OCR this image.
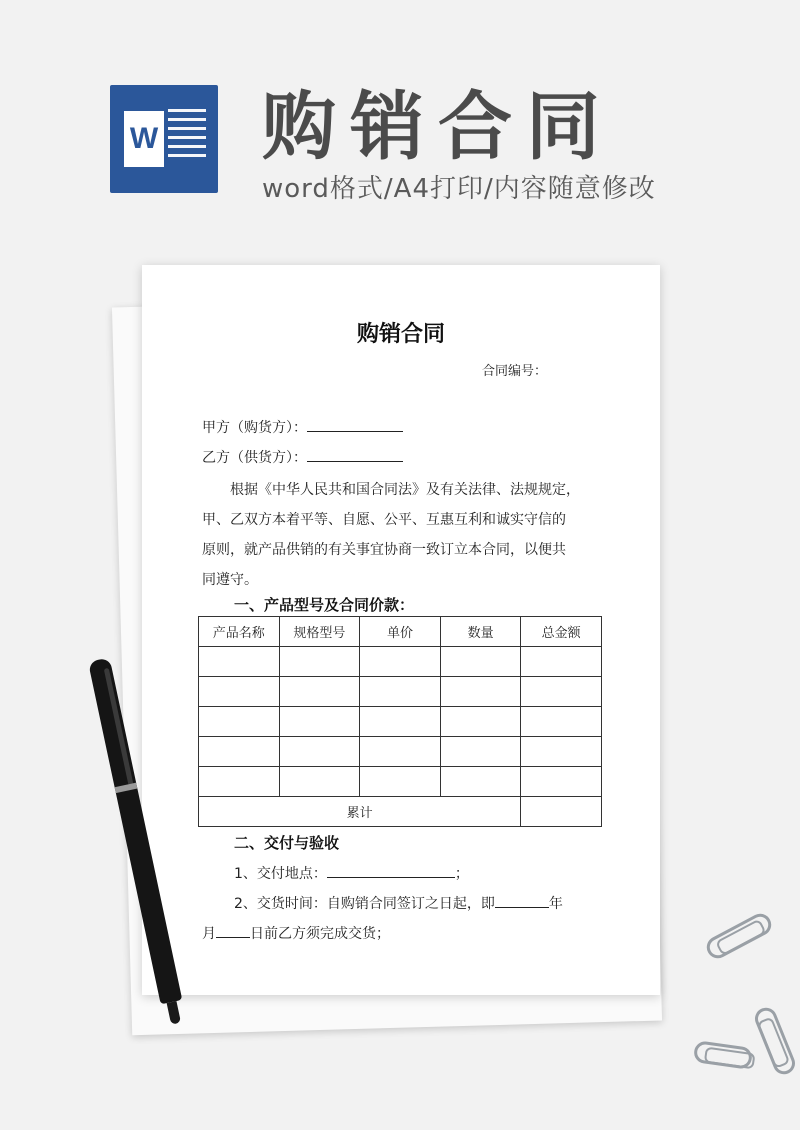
W 购销合同
word格式/A4打印/内容随意修改
购销合同
合同编号：
甲方（购货方）：
乙方（供货方）：

根据《中华人民共和国合同法》及有关法律、法规规定，

甲、乙双方本着平等、自愿、公平、互惠互利和诚实守信的

原则，就产品供销的有关事宜协商一致订立本合同，以便共

同遵守。

一、产品型号及合同价款：
产品名称	规格型号	单价	数量	总金额

累计				
二、交付与验收
1、交付地点：	；
2、交货时间：自购销合同签订之日起，即	年
月 日前乙方须完成交货；
